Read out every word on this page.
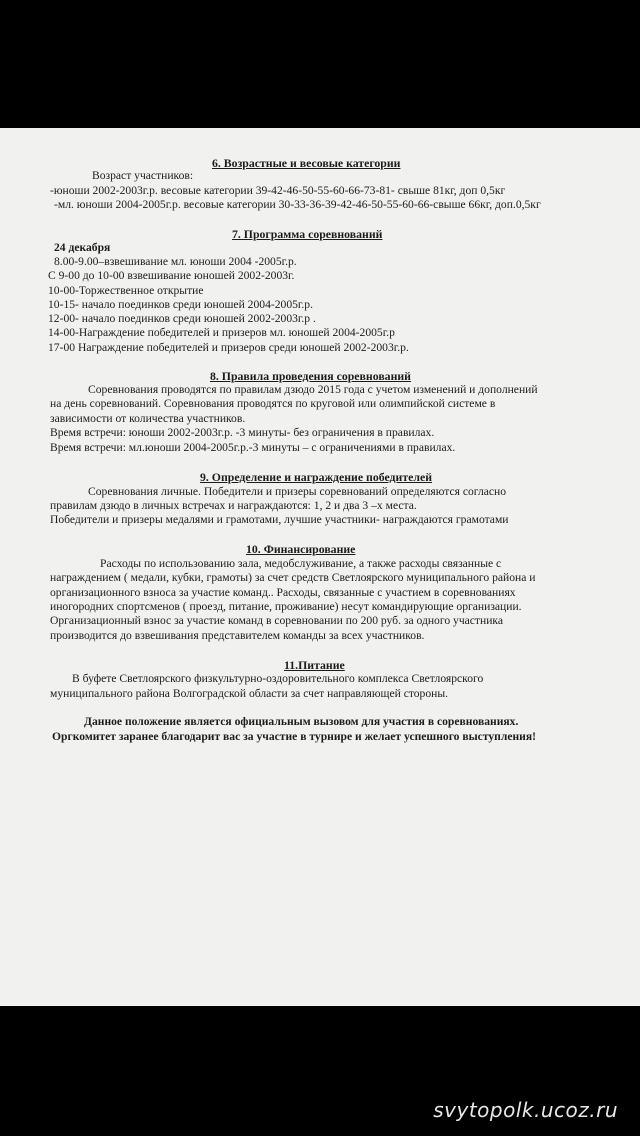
6. Возрастные и весовые категории
Возраст участников:
-юноши 2002-2003г.р. весовые категории 39-42-46-50-55-60-66-73-81- свыше 81кг, доп 0,5кг
-мл. юноши 2004-2005г.р. весовые категории 30-33-36-39-42-46-50-55-60-66-свыше 66кг, доп.0,5кг
7. Программа соревнований
24 декабря
8.00-9.00–взвешивание мл. юноши 2004 -2005г.р.
С 9-00 до 10-00 взвешивание юношей 2002-2003г.
10-00-Торжественное открытие
10-15- начало поединков среди юношей 2004-2005г.р.
12-00- начало поединков среди юношей 2002-2003г.р .
14-00-Награждение победителей и призеров мл. юношей 2004-2005г.р
17-00 Награждение победителей и призеров среди юношей 2002-2003г.р.
8. Правила проведения соревнований
Соревнования проводятся по правилам дзюдо 2015 года с учетом изменений и дополнений
на день соревнований. Соревнования проводятся по круговой или олимпийской системе в
зависимости от количества участников.
Время встречи: юноши 2002-2003г.р. -3 минуты- без ограничения в правилах.
Время встречи: мл.юноши 2004-2005г.р.-3 минуты – с ограничениями в правилах.
9. Определение и награждение победителей
Соревнования личные. Победители и призеры соревнований определяются согласно
правилам дзюдо в личных встречах и награждаются: 1, 2 и два 3 –х места.
Победители и призеры медалями и грамотами, лучшие участники- награждаются грамотами
10. Финансирование
Расходы по использованию зала, медобслуживание, а также расходы связанные с
награждением ( медали, кубки, грамоты) за счет средств Светлоярского муниципального района и
организационного взноса за участие команд.. Расходы, связанные с участием в соревнованиях
иногородних спортсменов ( проезд, питание, проживание) несут командирующие организации.
Организационный взнос за участие команд в соревновании по 200 руб. за одного участника
производится до взвешивания представителем команды за всех участников.
11.Питание
В буфете Светлоярского физкультурно-оздоровительного комплекса Светлоярского
муниципального района Волгоградской области за счет направляющей стороны.
Данное положение является официальным вызовом для участия в соревнованиях.
Оргкомитет заранее благодарит вас за участие в турнире и желает успешного выступления!
svytopolk.ucoz.ru
